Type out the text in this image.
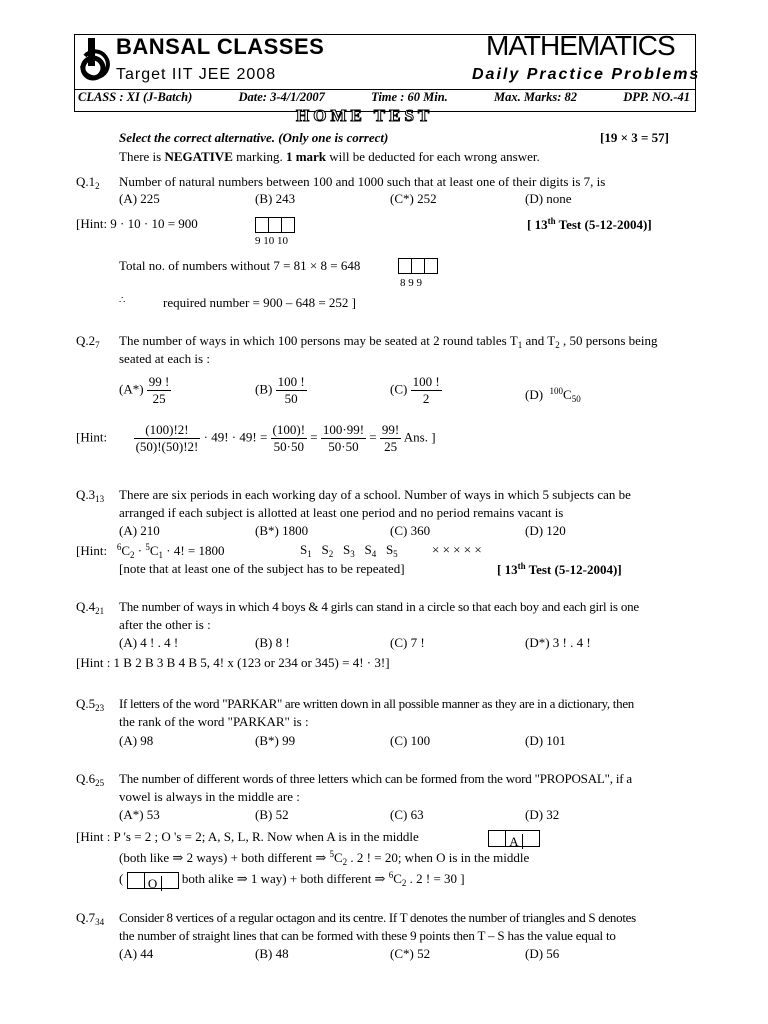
BANSAL CLASSES
Target IIT JEE 2008
MATHEMATICS
Daily Practice Problems
CLASS : XI (J-Batch)	Date: 3-4/1/2007	Time : 60 Min.	Max. Marks: 82	DPP. NO.-41
HOME TEST
Select the correct alternative. (Only one is correct)	[19 × 3 = 57]
There is NEGATIVE marking. 1 mark will be deducted for each wrong answer.
$Q.1_2$ Number of natural numbers between 100 and 1000 such that at least one of their digits is 7, is
(A) 225	(B) 243	(C*) 252	(D) none
[Hint: 9 · 10 · 10 = 900
9 10 10
[ 13th Test (5-12-2004)]
Total no. of numbers without 7 = 81 × 8 = 648
8 9 9
∴	required number = 900 – 648 = 252 ]
$Q.2_7$ The number of ways in which 100 persons may be seated at 2 round tables $T_1$ and $T_2$ , 50 persons being
seated at each is :
$(A*) \frac{99 !}{25}$	$(B) \frac{100 !}{50}$	$(C) \frac{100 !}{2}$	(D) $^{100}C_{50}$
[Hint: $\frac{(100)!2!}{(50)!(50)!2!} \cdot 49$! · 49! = $\frac{(100)!}{50\cdot 50} = \frac{100\cdot 99!}{50\cdot 50} = \frac{99!}{25}$ Ans. ]
$Q.3_{13}$ There are six periods in each working day of a school. Number of ways in which 5 subjects can be
arranged if each subject is allotted at least one period and no period remains vacant is
(A) 210	(B*) 1800	(C) 360	(D) 120
[Hint: $^6C_2 \cdot ^5C_1 \cdot 4$! = 1800	$S_1$ $S_2$ $S_3$ $S_4$ $S_5$	× × × × ×
[note that at least one of the subject has to be repeated]	[ 13th Test (5-12-2004)]
$Q.4_{21}$ The number of ways in which 4 boys & 4 girls can stand in a circle so that each boy and each girl is one
after the other is :
(A) 4 ! . 4 !	(B) 8 !	(C) 7 !	(D*) 3 ! . 4 !
[Hint : 1 B 2 B 3 B 4 B 5, 4! x (123 or 234 or 345) = 4! · 3!]
$Q.5_{23}$ If letters of the word "PARKAR" are written down in all possible manner as they are in a dictionary, then
the rank of the word "PARKAR" is :
(A) 98	(B*) 99	(C) 100	(D) 101
$Q.6_{25}$ The number of different words of three letters which can be formed from the word "PROPOSAL", if a
vowel is always in the middle are :
(A*) 53	(B) 52	(C) 63	(D) 32
[Hint : P 's = 2 ; O 's = 2; A, S, L, R. Now when A is in the middle	A
(both like ⇒ 2 ways) + both different ⇒ $^5C_2$ . 2 ! = 20; when O is in the middle
( O both alike ⇒ 1 way) + both different ⇒ $^6C_2$ . 2 ! = 30 ]
$Q.7_{34}$ Consider 8 vertices of a regular octagon and its centre. If T denotes the number of triangles and S denotes
the number of straight lines that can be formed with these 9 points then T – S has the value equal to
(A) 44	(B) 48	(C*) 52	(D) 56
